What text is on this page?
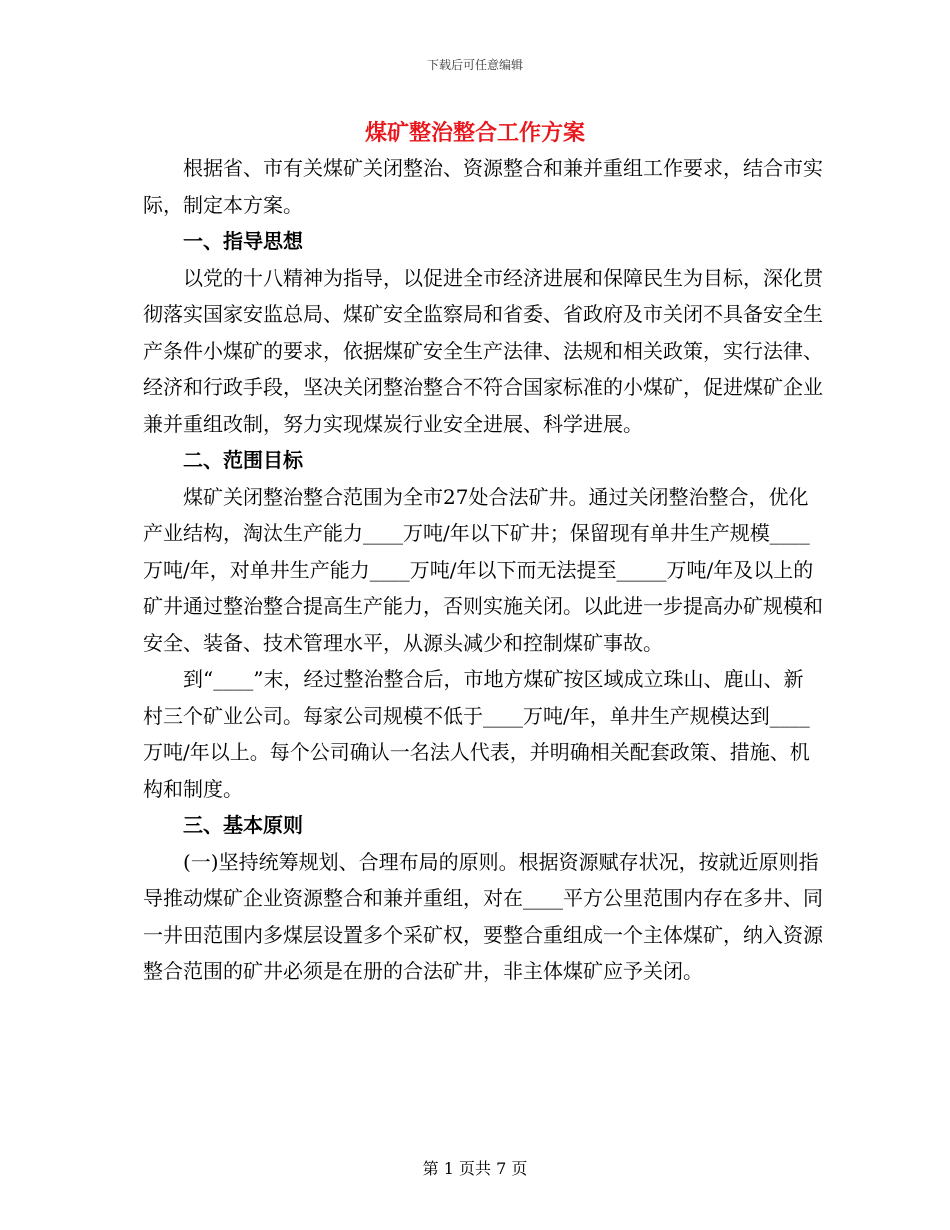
下载后可任意编辑
煤矿整治整合工作方案

根据省、市有关煤矿关闭整治、资源整合和兼并重组工作要求，结合市实际，制定本方案。

一、指导思想

以党的十八精神为指导，以促进全市经济进展和保障民生为目标，深化贯彻落实国家安监总局、煤矿安全监察局和省委、省政府及市关闭不具备安全生产条件小煤矿的要求，依据煤矿安全生产法律、法规和相关政策，实行法律、经济和行政手段，坚决关闭整治整合不符合国家标准的小煤矿，促进煤矿企业兼并重组改制，努力实现煤炭行业安全进展、科学进展。

二、范围目标

煤矿关闭整治整合范围为全市27处合法矿井。通过关闭整治整合，优化产业结构，淘汰生产能力____万吨/年以下矿井；保留现有单井生产规模____万吨/年，对单井生产能力____万吨/年以下而无法提至_____万吨/年及以上的矿井通过整治整合提高生产能力，否则实施关闭。以此进一步提高办矿规模和安全、装备、技术管理水平，从源头减少和控制煤矿事故。

到“____”末，经过整治整合后，市地方煤矿按区域成立珠山、鹿山、新村三个矿业公司。每家公司规模不低于____万吨/年，单井生产规模达到____万吨/年以上。每个公司确认一名法人代表，并明确相关配套政策、措施、机构和制度。

三、基本原则

(一)坚持统筹规划、合理布局的原则。根据资源赋存状况，按就近原则指导推动煤矿企业资源整合和兼并重组，对在____平方公里范围内存在多井、同一井田范围内多煤层设置多个采矿权，要整合重组成一个主体煤矿，纳入资源整合范围的矿井必须是在册的合法矿井，非主体煤矿应予关闭。

第 1 页共 7 页
